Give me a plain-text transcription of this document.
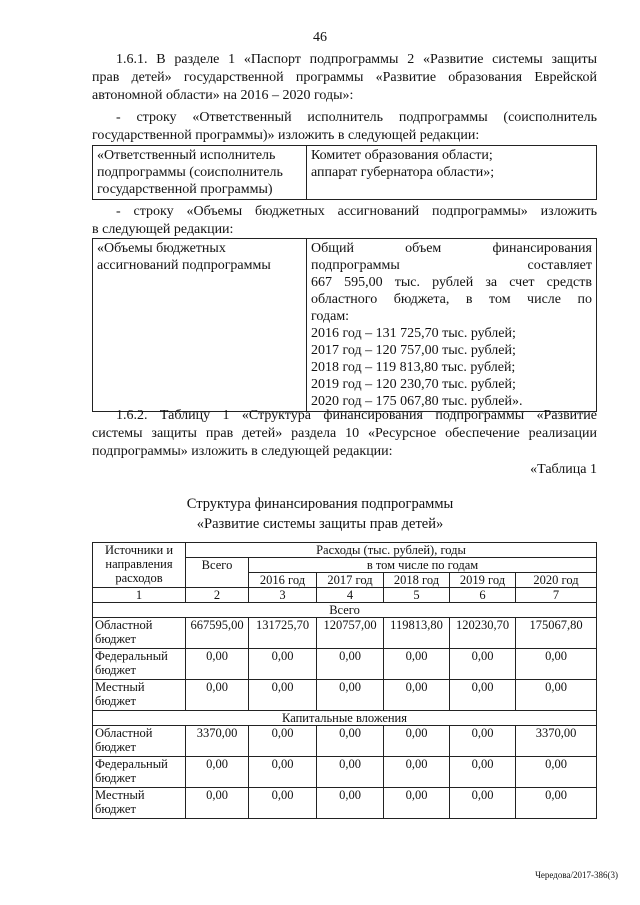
46
1.6.1. В разделе 1 «Паспорт подпрограммы 2 «Развитие системы защиты
прав детей» государственной программы «Развитие образования Еврейской
автономной области» на 2016 – 2020 годы»:
- строку «Ответственный исполнитель подпрограммы (соисполнитель
государственной программы)» изложить в следующей редакции:
«Ответственный исполнитель
подпрограммы (соисполнитель
государственной программы)

Комитет образования области;
аппарат губернатора области»;
- строку «Объемы бюджетных ассигнований подпрограммы» изложить
в следующей редакции:
«Объемы бюджетных
ассигнований подпрограммы

Общий объем финансирования
подпрограммы составляет
667 595,00 тыс. рублей за счет средств
областного бюджета, в том числе по
годам:
2016 год – 131 725,70 тыс. рублей;
2017 год – 120 757,00 тыс. рублей;
2018 год – 119 813,80 тыс. рублей;
2019 год – 120 230,70 тыс. рублей;
2020 год – 175 067,80 тыс. рублей».
1.6.2. Таблицу 1 «Структура финансирования подпрограммы «Развитие
системы защиты прав детей» раздела 10 «Ресурсное обеспечение реализации
подпрограммы» изложить в следующей редакции:
«Таблица 1
Структура финансирования подпрограммы
«Развитие системы защиты прав детей»
Источники и
направления
расходов	Расходы (тыс. рублей), годы					
	Всего	в том числе по годам				
		2016 год	2017 год	2018 год	2019 год	2020 год
1	2	3	4	5	6	7
Всего						

Областной
бюджет	667595,00	131725,70	120757,00	119813,80	120230,70	175067,80

Федеральный
бюджет	0,00	0,00	0,00	0,00	0,00	0,00

Местный
бюджет	0,00	0,00	0,00	0,00	0,00	0,00
Капитальные вложения						

Областной
бюджет	3370,00	0,00	0,00	0,00	0,00	3370,00

Федеральный
бюджет	0,00	0,00	0,00	0,00	0,00	0,00

Местный
бюджет	0,00	0,00	0,00	0,00	0,00	0,00
Чередова/2017-386(3)
